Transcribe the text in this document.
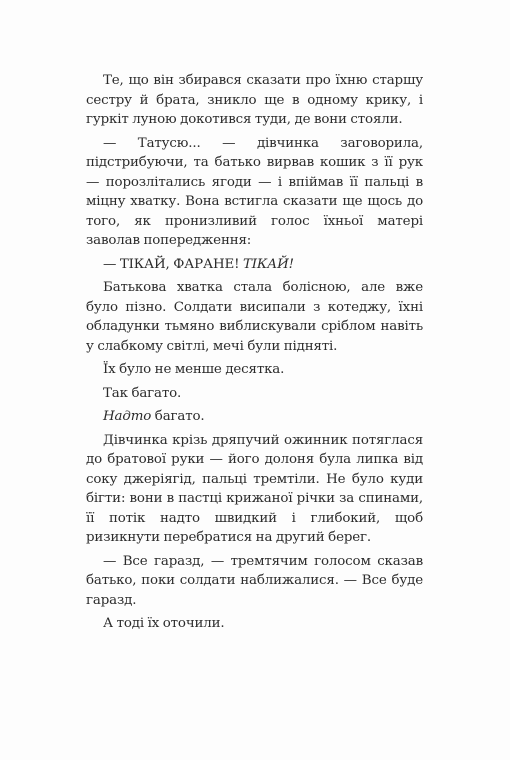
Те, що він збирався сказати про їхню старшу сестру й брата, зникло ще в одному крику, і гуркіт луною докотився туди, де вони стояли.

— Татусю... — дівчинка заговорила, підстрибуючи, та батько вирвав кошик з її рук — порозлітались ягоди — і впіймав її пальці в міцну хватку. Вона встигла сказати ще щось до того, як пронизливий голос їхньої матері заволав попередження:

— ТІКАЙ, ФАРАНЕ! ТІКАЙ!

Батькова хватка стала болісною, але вже було пізно. Солдати висипали з котеджу, їхні обладунки тьмяно виблискували сріблом навіть у слабкому світлі, мечі були підняті.

Їх було не менше десятка.

Так багато.

Надто багато.

Дівчинка крізь дряпучий ожинник потяглася до братової руки — його долоня була липка від соку джеріягід, пальці тремтіли. Не було куди бігти: вони в пастці крижаної річки за спинами, її потік надто швидкий і глибокий, щоб ризикнути перебратися на другий берег.

— Все гаразд, — тремтячим голосом сказав батько, поки солдати наближалися. — Все буде гаразд.

А тоді їх оточили.
